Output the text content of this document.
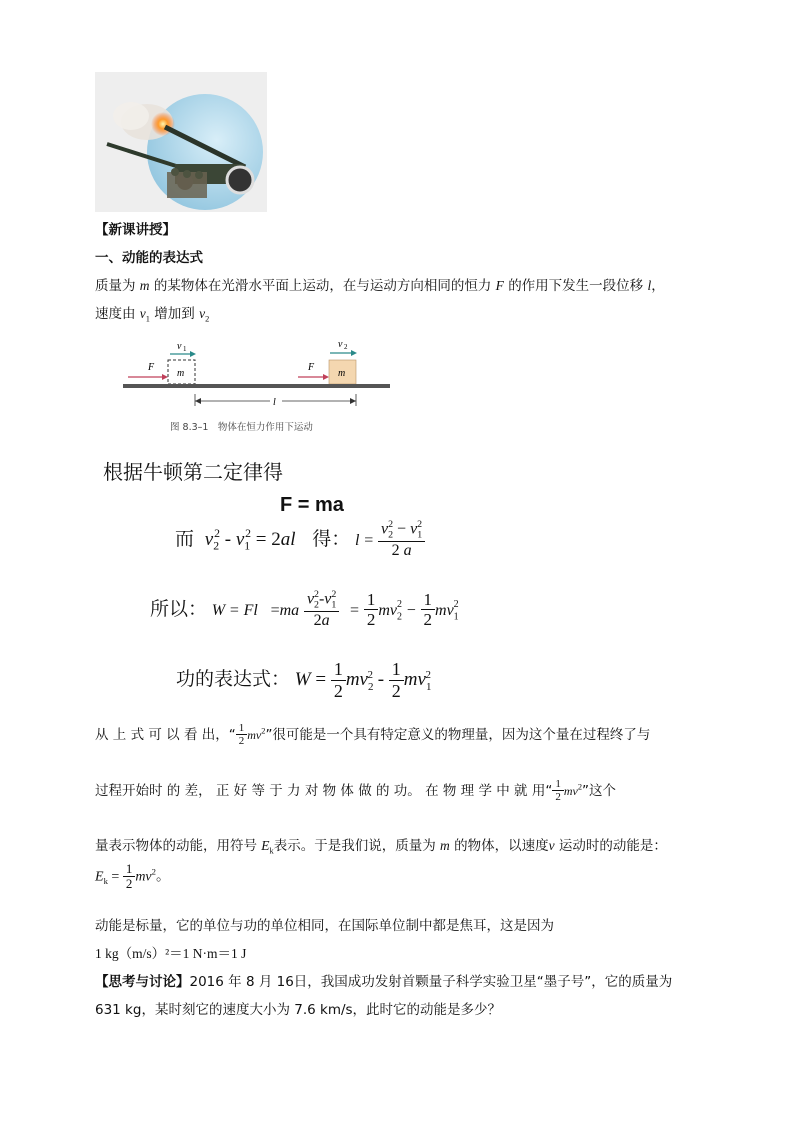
【新课讲授】
一、动能的表达式
质量为 m 的某物体在光滑水平面上运动，在与运动方向相同的恒力 F 的作用下发生一段位移 l，
速度由 $v_1$ 增加到 $v_2$
v 1	v 2
F
m
F
m
l
图 8.3–1　物体在恒力作用下运动
根据牛顿第二定律得
F = ma
而 $v_2^2 - v_1^2 = 2al$ 得： $l = \frac{v_2^2 - v_1^2}{2 a}$
所以： $W = Fl =ma \frac{v_2^2-v_1^2}{2a} = \frac{1}{2} mv_2^2 - \frac{1}{2} mv_1^2$
功的表达式： $W = \frac{1}{2} mv_2^2 - \frac{1}{2} mv_1^2$
从 上 式 可 以 看 出，“ $\frac{1}{2} mv^2$”很可能是一个具有特定意义的物理量，因为这个量在过程终了与
过程开始时 的 差， 正 好 等 于 力 对 物 体 做 的 功。 在 物 理 学 中 就 用“ $\frac{1}{2} mv^2$”这个
量表示物体的动能，用符号 $E_k$表示。于是我们说，质量为 m 的物体，以速度v 运动时的动能是：
$E_k = \frac{1}{2} mv^2$。
动能是标量，它的单位与功的单位相同，在国际单位制中都是焦耳，这是因为
1 kg（m/s）²＝1 N·m＝1 J
【思考与讨论】2016 年 8 月 16日，我国成功发射首颗量子科学实验卫星“墨子号”，它的质量为
631 kg，某时刻它的速度大小为 7.6 km/s，此时它的动能是多少？
